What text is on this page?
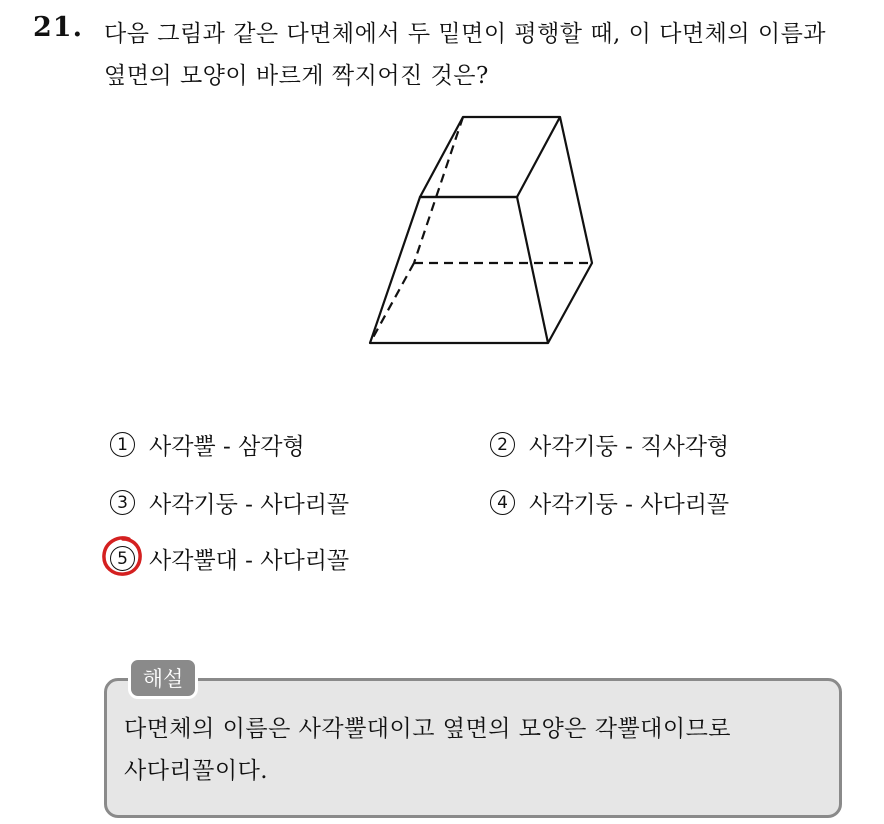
21. 다음 그림과 같은 다면체에서 두 밑면이 평행할 때, 이 다면체의 이름과
옆면의 모양이 바르게 짝지어진 것은?
1 사각뿔 - 삼각형	2 사각기둥 - 직사각형
3 사각기둥 - 사다리꼴	4 사각기둥 - 사다리꼴
5 사각뿔대 - 사다리꼴
해설
다면체의 이름은 사각뿔대이고 옆면의 모양은 각뿔대이므로
사다리꼴이다.
